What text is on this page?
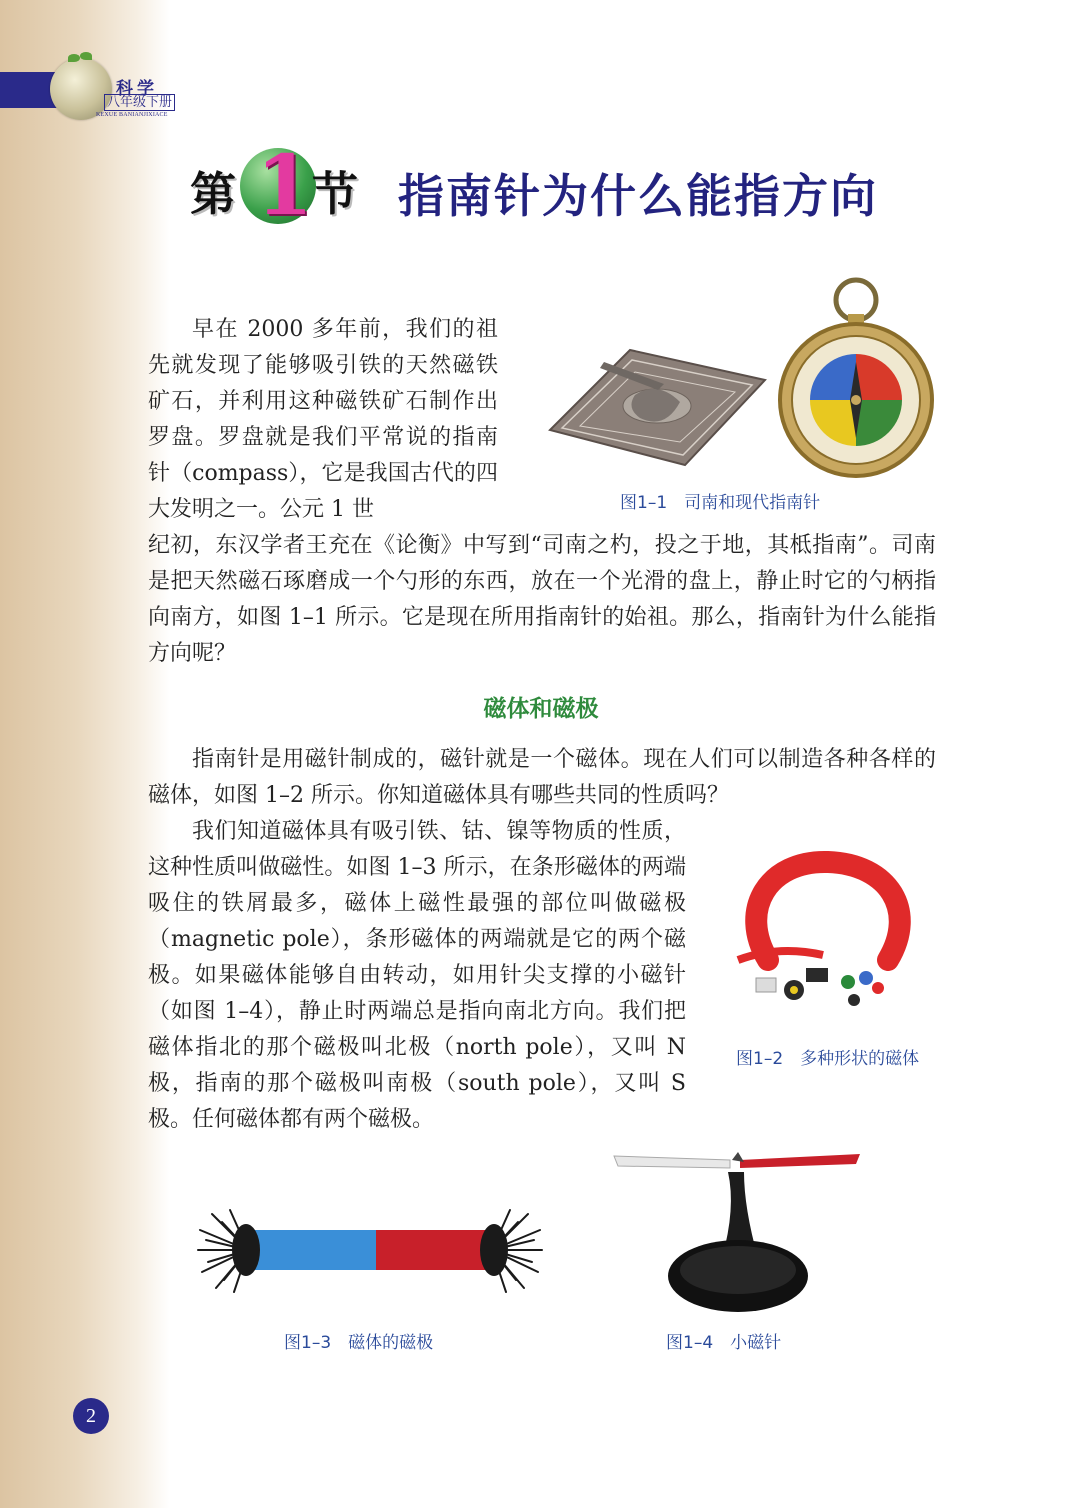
科学
八年级下册
KEXUE BANIANJIXIACE
第 1
节 指南针为什么能指方向

早在 2000 多年前，我们的祖先就发现了能够吸引铁的天然磁铁矿石，并利用这种磁铁矿石制作出罗盘。罗盘就是我们平常说的指南针（compass），它是我国古代的四大发明之一。公元 1 世

纪初，东汉学者王充在《论衡》中写到“司南之杓，投之于地，其柢指南”。司南是把天然磁石琢磨成一个勺形的东西，放在一个光滑的盘上，静止时它的勺柄指向南方，如图 1–1 所示。它是现在所用指南针的始祖。那么，指南针为什么能指方向呢？

图1–1　司南和现代指南针
磁体和磁极

指南针是用磁针制成的，磁针就是一个磁体。现在人们可以制造各种各样的磁体，如图 1–2 所示。你知道磁体具有哪些共同的性质吗？

我们知道磁体具有吸引铁、钴、镍等物质的性质，这种性质叫做磁性。如图 1–3 所示，在条形磁体的两端吸住的铁屑最多，磁体上磁性最强的部位叫做磁极（magnetic pole），条形磁体的两端就是它的两个磁极。如果磁体能够自由转动，如用针尖支撑的小磁针（如图 1–4），静止时两端总是指向南北方向。我们把磁体指北的那个磁极叫北极（north pole），又叫 N 极，指南的那个磁极叫南极（south pole），又叫 S 极。任何磁体都有两个磁极。

图1–2　多种形状的磁体
图1–3　磁体的磁极	图1–4　小磁针
2
